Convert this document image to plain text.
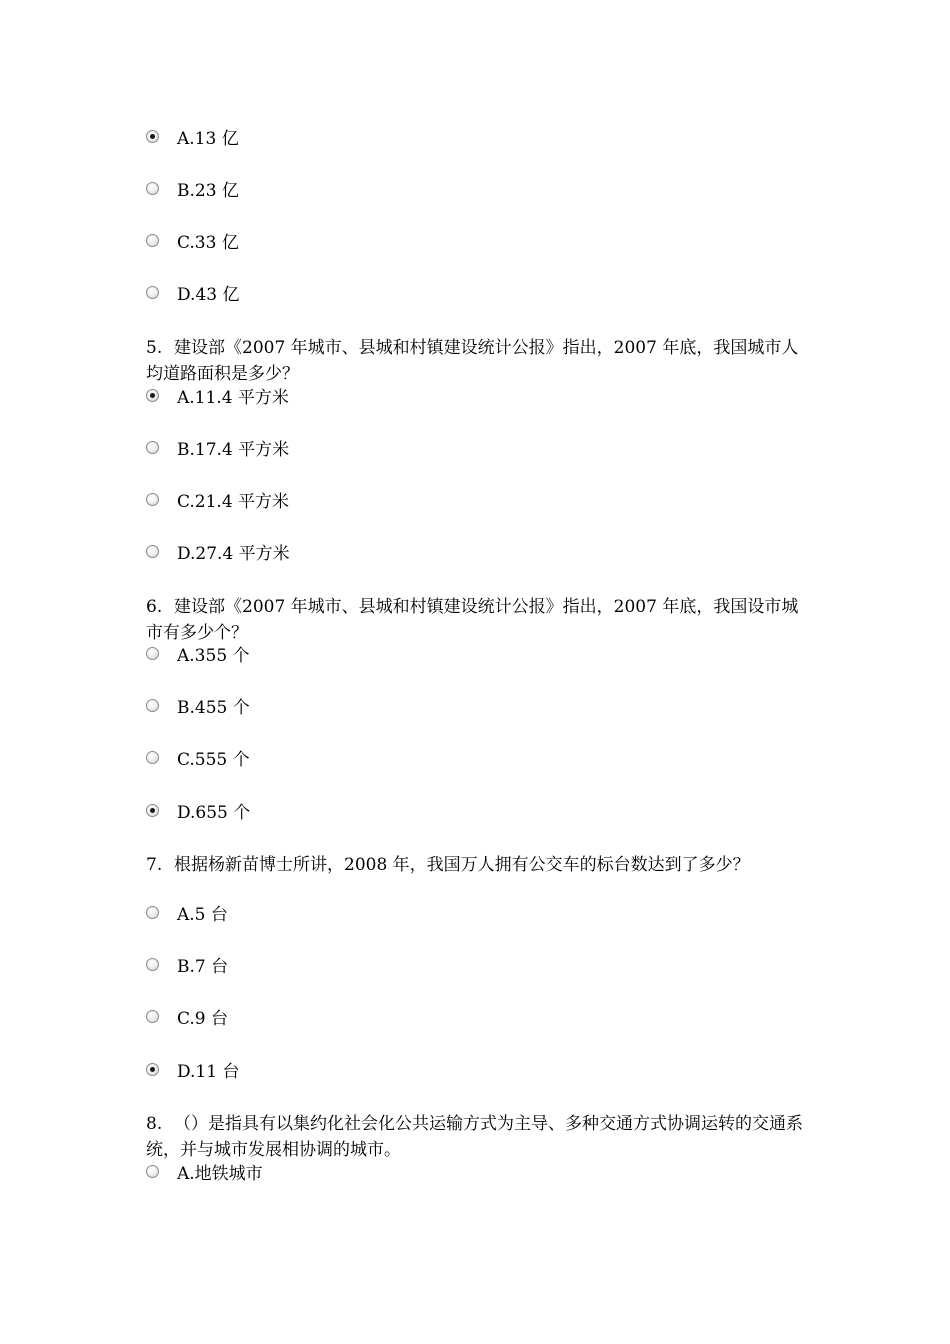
A.13 亿
B.23 亿
C.33 亿
D.43 亿
5. 建设部《2007 年城市、县城和村镇建设统计公报》指出，2007 年底，我国城市人均道路面积是多少？
A.11.4 平方米
B.17.4 平方米
C.21.4 平方米
D.27.4 平方米
6. 建设部《2007 年城市、县城和村镇建设统计公报》指出，2007 年底，我国设市城市有多少个？
A.355 个
B.455 个
C.555 个
D.655 个
7. 根据杨新苗博士所讲，2008 年，我国万人拥有公交车的标台数达到了多少？
A.5 台
B.7 台
C.9 台
D.11 台
8. （）是指具有以集约化社会化公共运输方式为主导、多种交通方式协调运转的交通系统，并与城市发展相协调的城市。
A.地铁城市
